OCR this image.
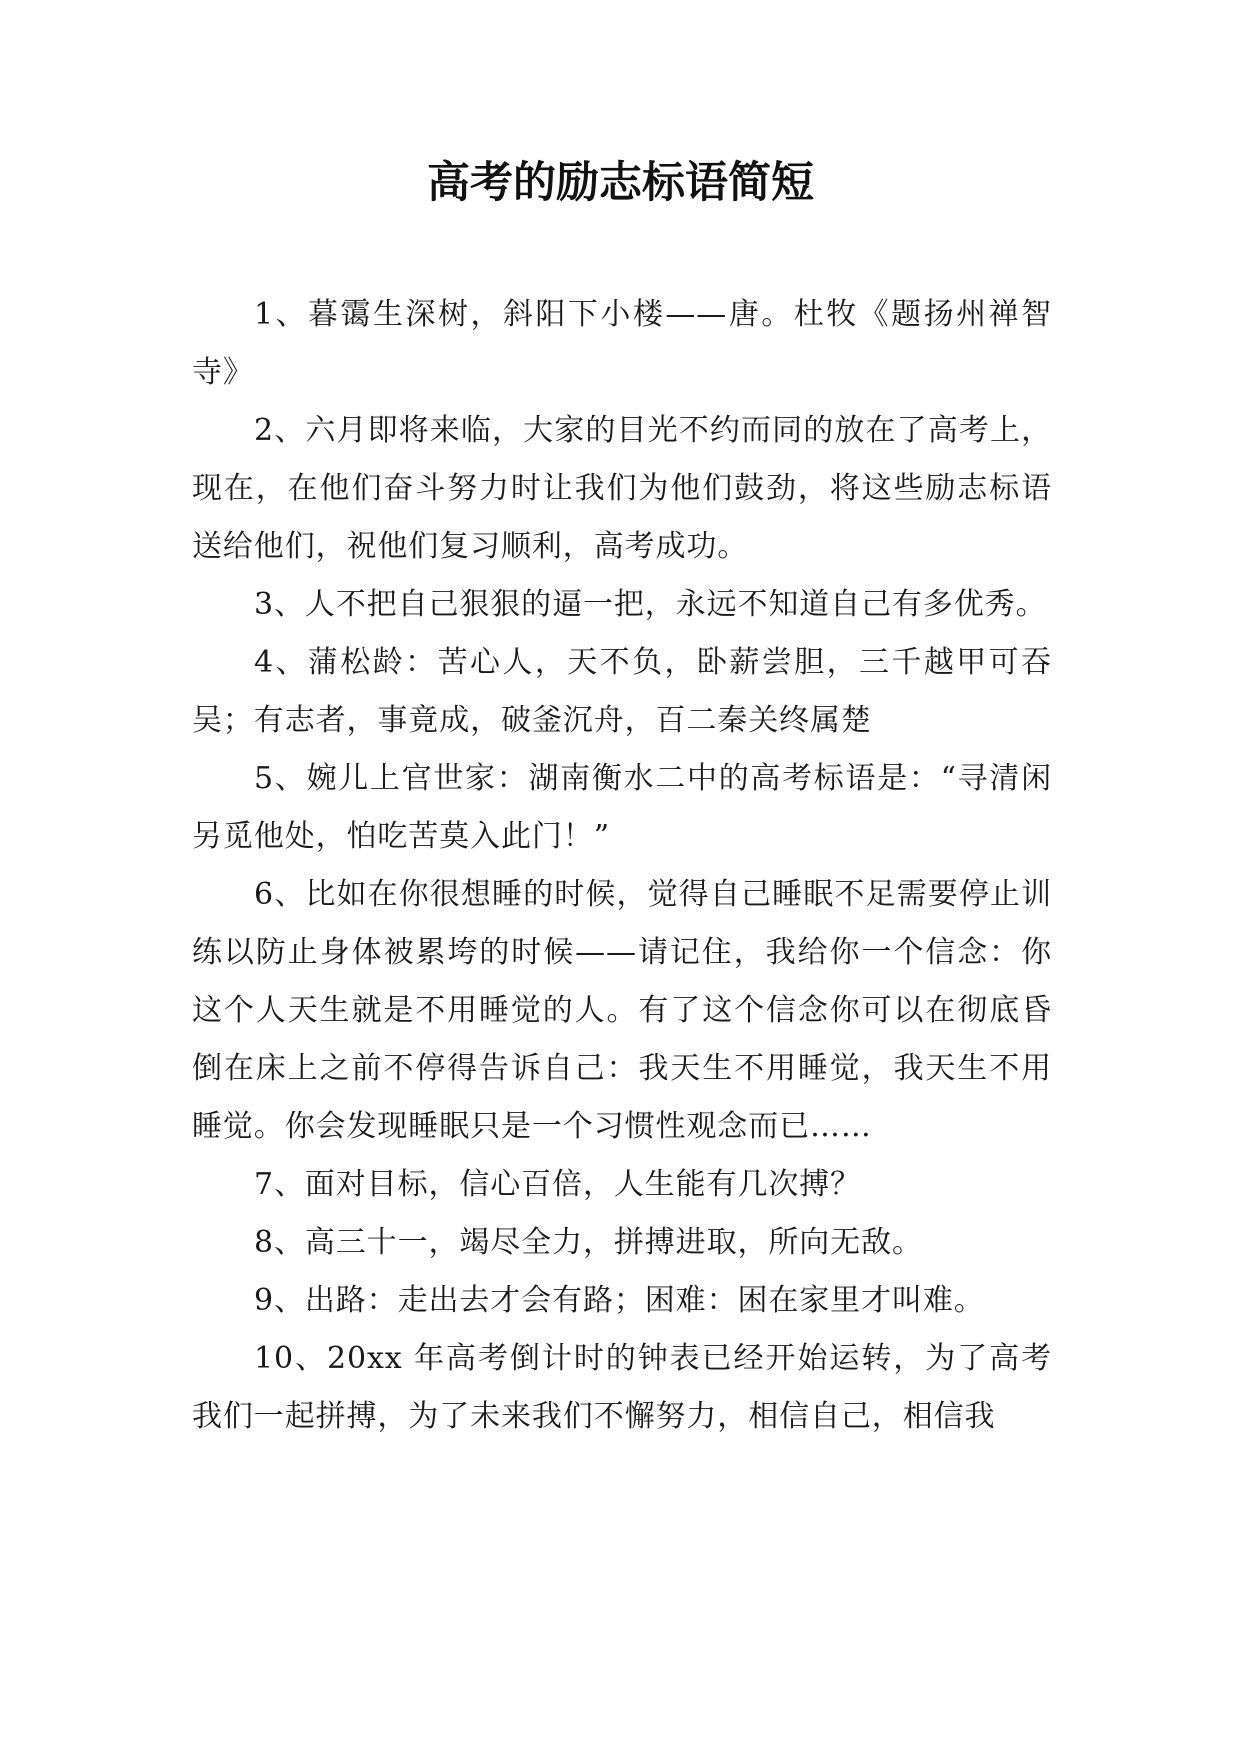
高考的励志标语简短

1、暮霭生深树，斜阳下小楼——唐。杜牧《题扬州禅智寺》

2、六月即将来临，大家的目光不约而同的放在了高考上，现在，在他们奋斗努力时让我们为他们鼓劲，将这些励志标语送给他们，祝他们复习顺利，高考成功。

3、人不把自己狠狠的逼一把，永远不知道自己有多优秀。

4、蒲松龄：苦心人，天不负，卧薪尝胆，三千越甲可吞吴；有志者，事竟成，破釜沉舟，百二秦关终属楚

5、婉儿上官世家：湖南衡水二中的高考标语是：“寻清闲另觅他处，怕吃苦莫入此门！”

6、比如在你很想睡的时候，觉得自己睡眠不足需要停止训练以防止身体被累垮的时候——请记住，我给你一个信念：你这个人天生就是不用睡觉的人。有了这个信念你可以在彻底昏倒在床上之前不停得告诉自己：我天生不用睡觉，我天生不用睡觉。你会发现睡眠只是一个习惯性观念而已……

7、面对目标，信心百倍，人生能有几次搏？

8、高三十一，竭尽全力，拼搏进取，所向无敌。

9、出路：走出去才会有路；困难：困在家里才叫难。

10、20xx 年高考倒计时的钟表已经开始运转，为了高考我们一起拼搏，为了未来我们不懈努力，相信自己，相信我
